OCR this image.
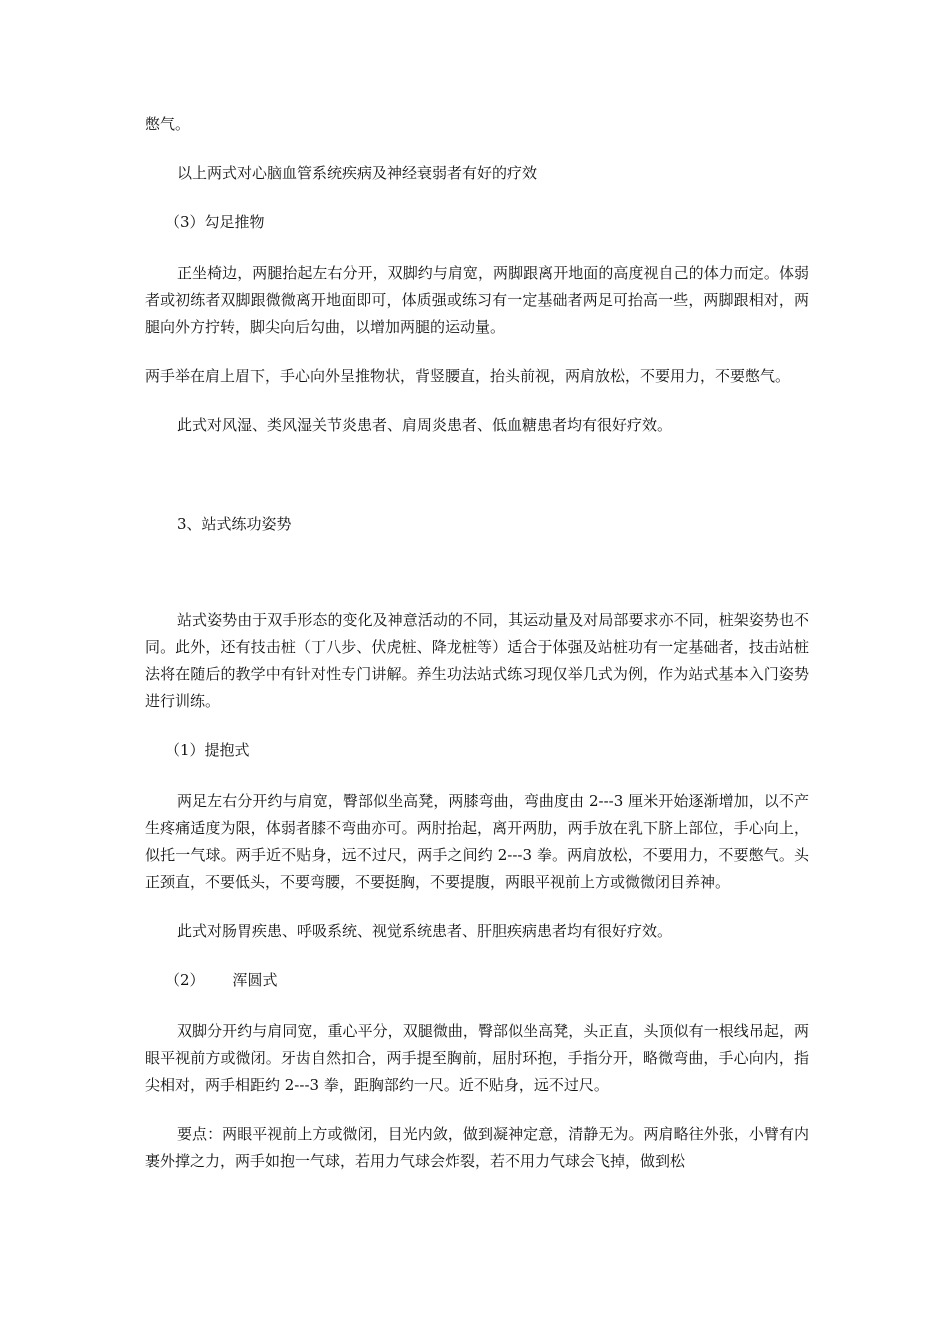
憋气。

以上两式对心脑血管系统疾病及神经衰弱者有好的疗效

（3）勾足推物

正坐椅边，两腿抬起左右分开，双脚约与肩宽，两脚跟离开地面的高度视自己的体力而定。体弱者或初练者双脚跟微微离开地面即可，体质强或练习有一定基础者两足可抬高一些，两脚跟相对，两腿向外方拧转，脚尖向后勾曲，以增加两腿的运动量。

两手举在肩上眉下，手心向外呈推物状，背竖腰直，抬头前视，两肩放松，不要用力，不要憋气。

此式对风湿、类风湿关节炎患者、肩周炎患者、低血糖患者均有很好疗效。

3、站式练功姿势

站式姿势由于双手形态的变化及神意活动的不同，其运动量及对局部要求亦不同，桩架姿势也不同。此外，还有技击桩（丁八步、伏虎桩、降龙桩等）适合于体强及站桩功有一定基础者，技击站桩法将在随后的教学中有针对性专门讲解。养生功法站式练习现仅举几式为例，作为站式基本入门姿势进行训练。

（1）提抱式

两足左右分开约与肩宽，臀部似坐高凳，两膝弯曲，弯曲度由 2---3 厘米开始逐渐增加，以不产生疼痛适度为限，体弱者膝不弯曲亦可。两肘抬起，离开两肋，两手放在乳下脐上部位，手心向上，似托一气球。两手近不贴身，远不过尺，两手之间约 2---3 拳。两肩放松，不要用力，不要憋气。头正颈直，不要低头，不要弯腰，不要挺胸，不要提腹，两眼平视前上方或微微闭目养神。

此式对肠胃疾患、呼吸系统、视觉系统患者、肝胆疾病患者均有很好疗效。

（2） 浑圆式

双脚分开约与肩同宽，重心平分，双腿微曲，臀部似坐高凳，头正直，头顶似有一根线吊起，两眼平视前方或微闭。牙齿自然扣合，两手提至胸前，屈肘环抱，手指分开，略微弯曲，手心向内，指尖相对，两手相距约 2---3 拳，距胸部约一尺。近不贴身，远不过尺。

要点：两眼平视前上方或微闭，目光内敛，做到凝神定意，清静无为。两肩略往外张，小臂有内裹外撑之力，两手如抱一气球，若用力气球会炸裂，若不用力气球会飞掉，做到松
